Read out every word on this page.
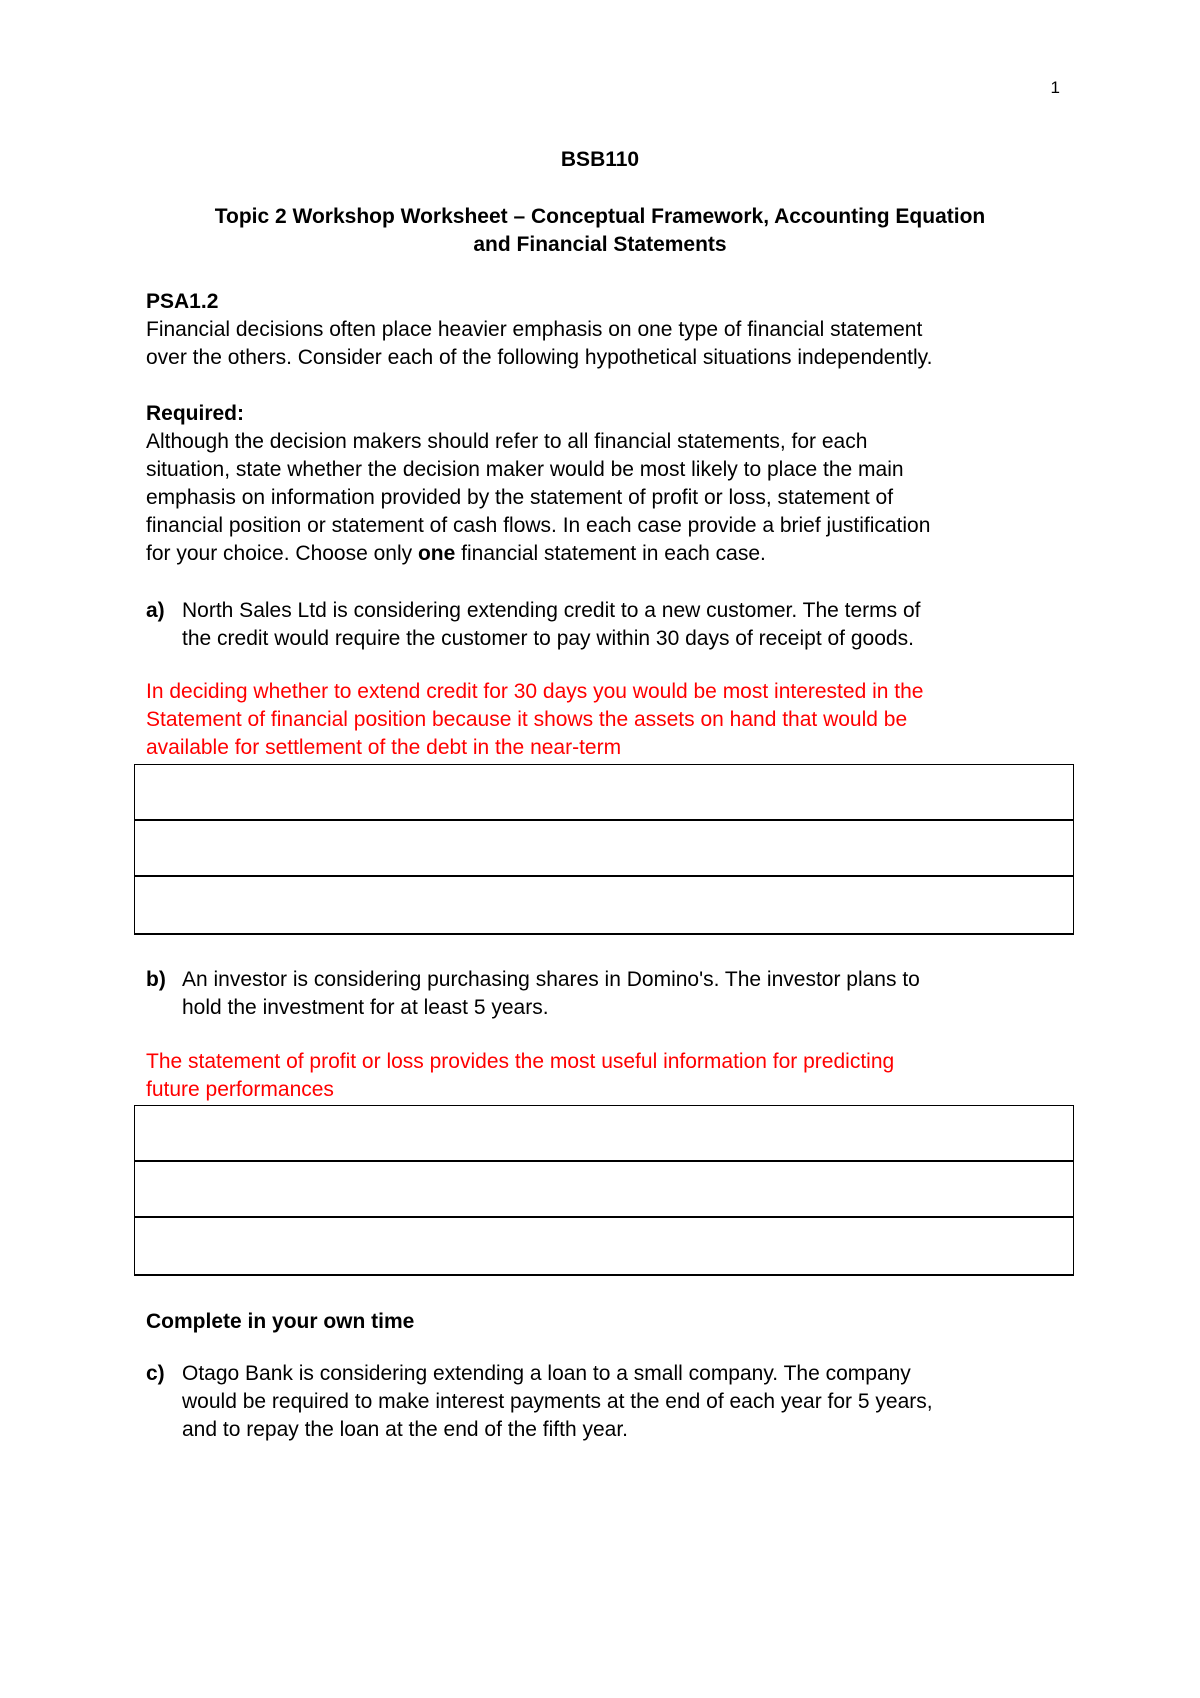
1
BSB110
Topic 2 Workshop Worksheet – Conceptual Framework, Accounting Equation
and Financial Statements
PSA1.2
Financial decisions often place heavier emphasis on one type of financial statement
over the others. Consider each of the following hypothetical situations independently.
Required:
Although the decision makers should refer to all financial statements, for each
situation, state whether the decision maker would be most likely to place the main
emphasis on information provided by the statement of profit or loss, statement of
financial position or statement of cash flows. In each case provide a brief justification
for your choice. Choose only one financial statement in each case.
a) North Sales Ltd is considering extending credit to a new customer. The terms of
the credit would require the customer to pay within 30 days of receipt of goods.
In deciding whether to extend credit for 30 days you would be most interested in the
Statement of financial position because it shows the assets on hand that would be
available for settlement of the debt in the near-term
b) An investor is considering purchasing shares in Domino's. The investor plans to
hold the investment for at least 5 years.
The statement of profit or loss provides the most useful information for predicting
future performances
Complete in your own time
c) Otago Bank is considering extending a loan to a small company. The company
would be required to make interest payments at the end of each year for 5 years,
and to repay the loan at the end of the fifth year.
